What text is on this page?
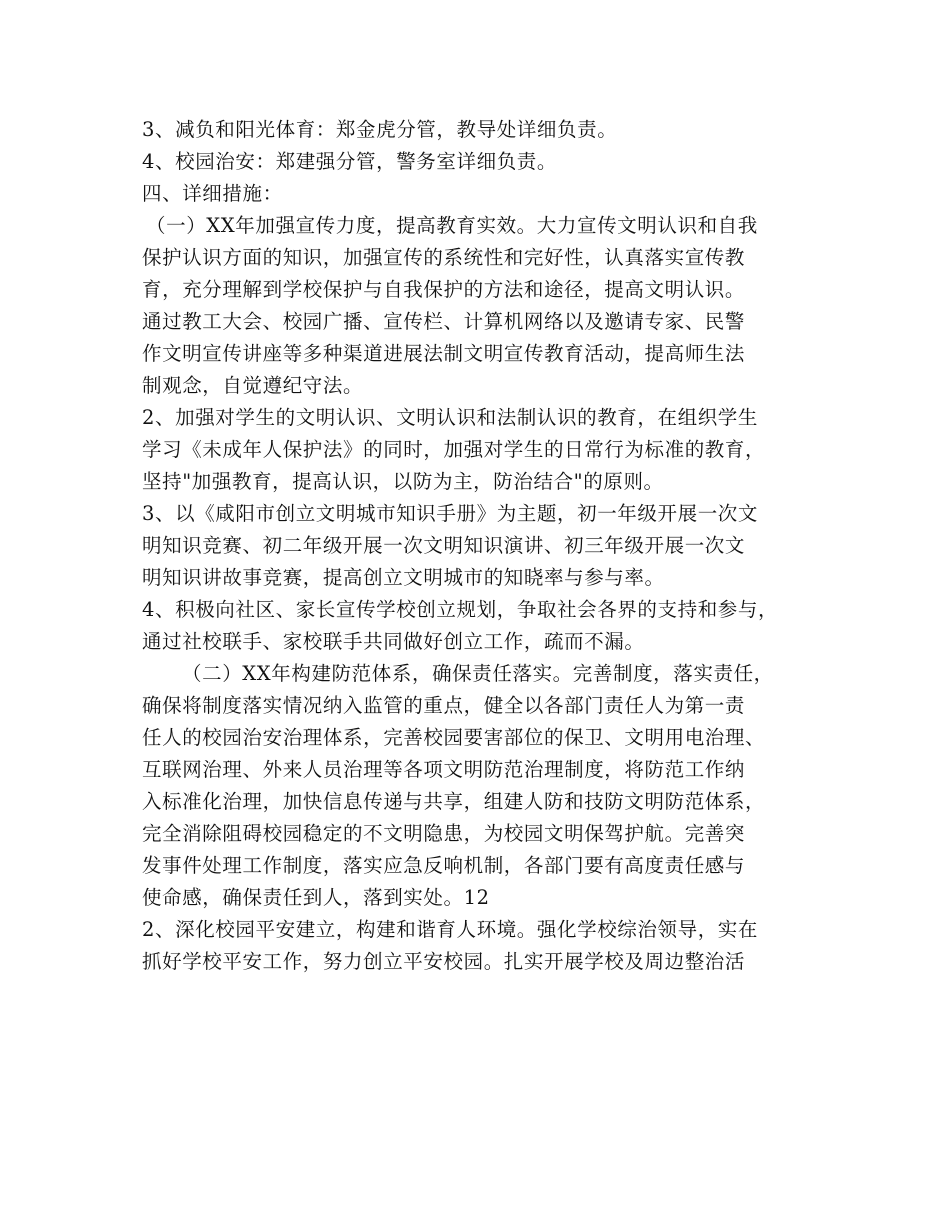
3、减负和阳光体育：郑金虎分管，教导处详细负责。
4、校园治安：郑建强分管，警务室详细负责。
四、详细措施：
（一）XX年加强宣传力度，提高教育实效。大力宣传文明认识和自我
保护认识方面的知识，加强宣传的系统性和完好性，认真落实宣传教
育，充分理解到学校保护与自我保护的方法和途径，提高文明认识。
通过教工大会、校园广播、宣传栏、计算机网络以及邀请专家、民警
作文明宣传讲座等多种渠道进展法制文明宣传教育活动，提高师生法
制观念，自觉遵纪守法。
2、加强对学生的文明认识、文明认识和法制认识的教育，在组织学生
学习《未成年人保护法》的同时，加强对学生的日常行为标准的教育，
坚持"加强教育，提高认识，以防为主，防治结合"的原则。
3、以《咸阳市创立文明城市知识手册》为主题，初一年级开展一次文
明知识竞赛、初二年级开展一次文明知识演讲、初三年级开展一次文
明知识讲故事竞赛，提高创立文明城市的知晓率与参与率。
4、积极向社区、家长宣传学校创立规划，争取社会各界的支持和参与，
通过社校联手、家校联手共同做好创立工作，疏而不漏。
（二）XX年构建防范体系，确保责任落实。完善制度，落实责任，
确保将制度落实情况纳入监管的重点，健全以各部门责任人为第一责
任人的校园治安治理体系，完善校园要害部位的保卫、文明用电治理、
互联网治理、外来人员治理等各项文明防范治理制度，将防范工作纳
入标准化治理，加快信息传递与共享，组建人防和技防文明防范体系，
完全消除阻碍校园稳定的不文明隐患，为校园文明保驾护航。完善突
发事件处理工作制度，落实应急反响机制，各部门要有高度责任感与
使命感，确保责任到人，落到实处。12
2、深化校园平安建立，构建和谐育人环境。强化学校综治领导，实在
抓好学校平安工作，努力创立平安校园。扎实开展学校及周边整治活
